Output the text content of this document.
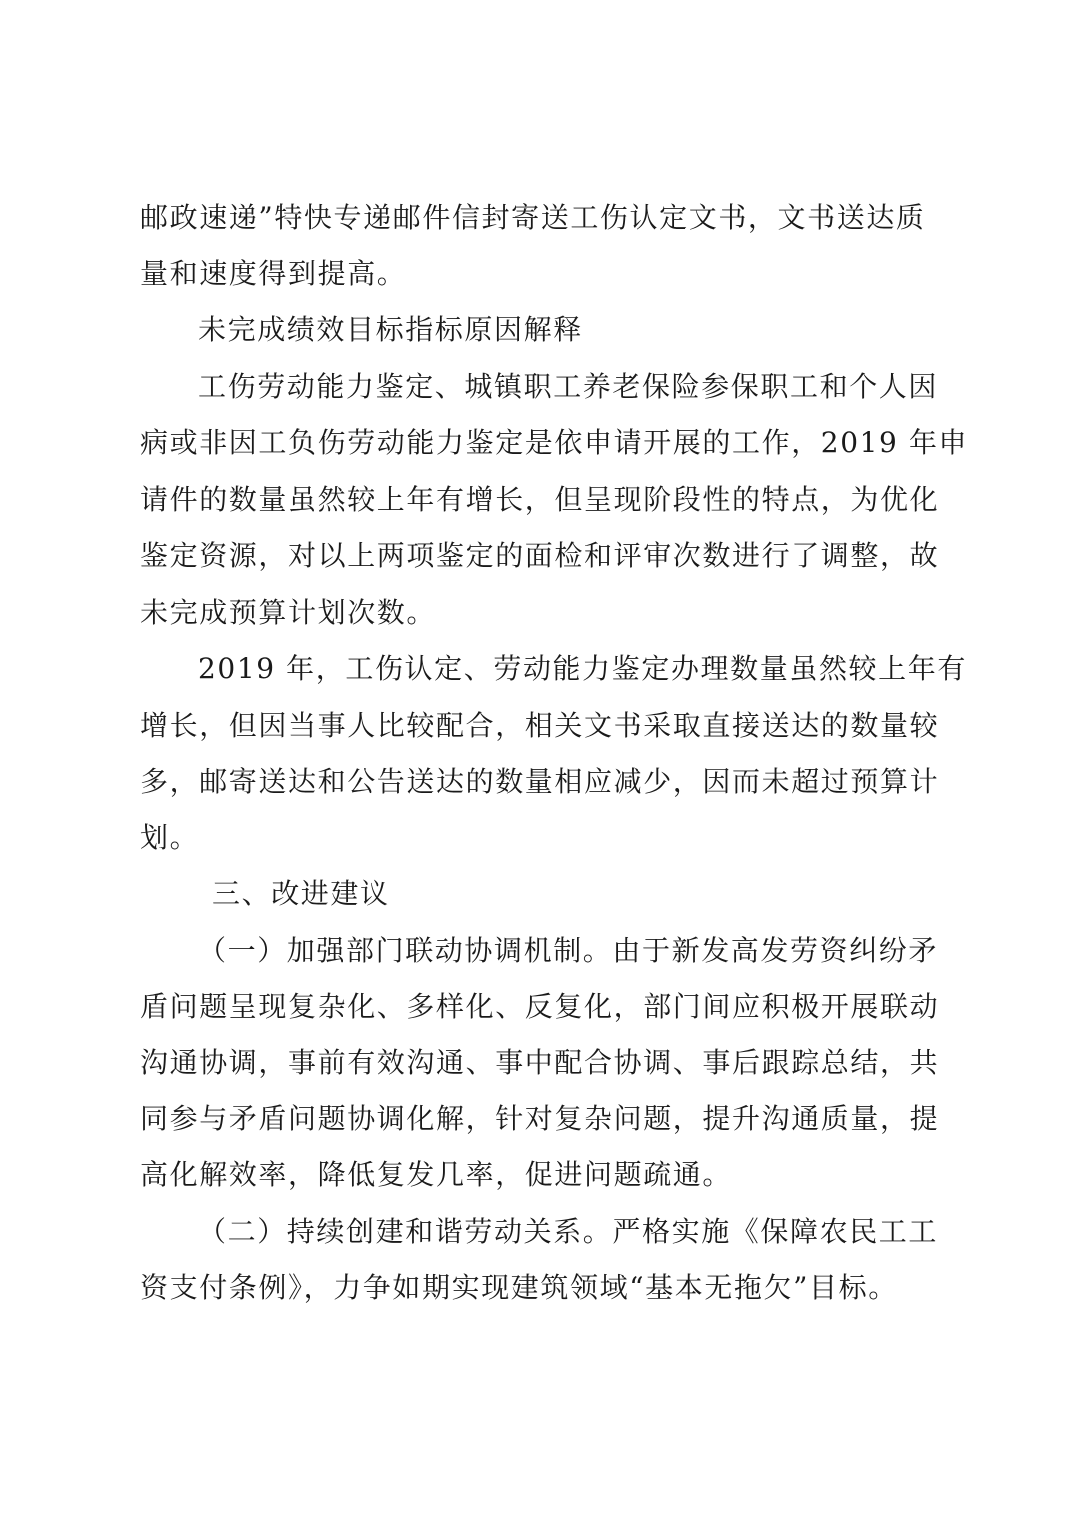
邮政速递”特快专递邮件信封寄送工伤认定文书，文书送达质
量和速度得到提高。
未完成绩效目标指标原因解释
工伤劳动能力鉴定、城镇职工养老保险参保职工和个人因
病或非因工负伤劳动能力鉴定是依申请开展的工作，2019 年申
请件的数量虽然较上年有增长，但呈现阶段性的特点，为优化
鉴定资源，对以上两项鉴定的面检和评审次数进行了调整，故
未完成预算计划次数。
2019 年，工伤认定、劳动能力鉴定办理数量虽然较上年有
增长，但因当事人比较配合，相关文书采取直接送达的数量较
多，邮寄送达和公告送达的数量相应减少，因而未超过预算计
划。
三、改进建议
（一）加强部门联动协调机制。由于新发高发劳资纠纷矛
盾问题呈现复杂化、多样化、反复化，部门间应积极开展联动
沟通协调，事前有效沟通、事中配合协调、事后跟踪总结，共
同参与矛盾问题协调化解，针对复杂问题，提升沟通质量，提
高化解效率，降低复发几率，促进问题疏通。
（二）持续创建和谐劳动关系。严格实施《保障农民工工
资支付条例》，力争如期实现建筑领域“基本无拖欠”目标。
